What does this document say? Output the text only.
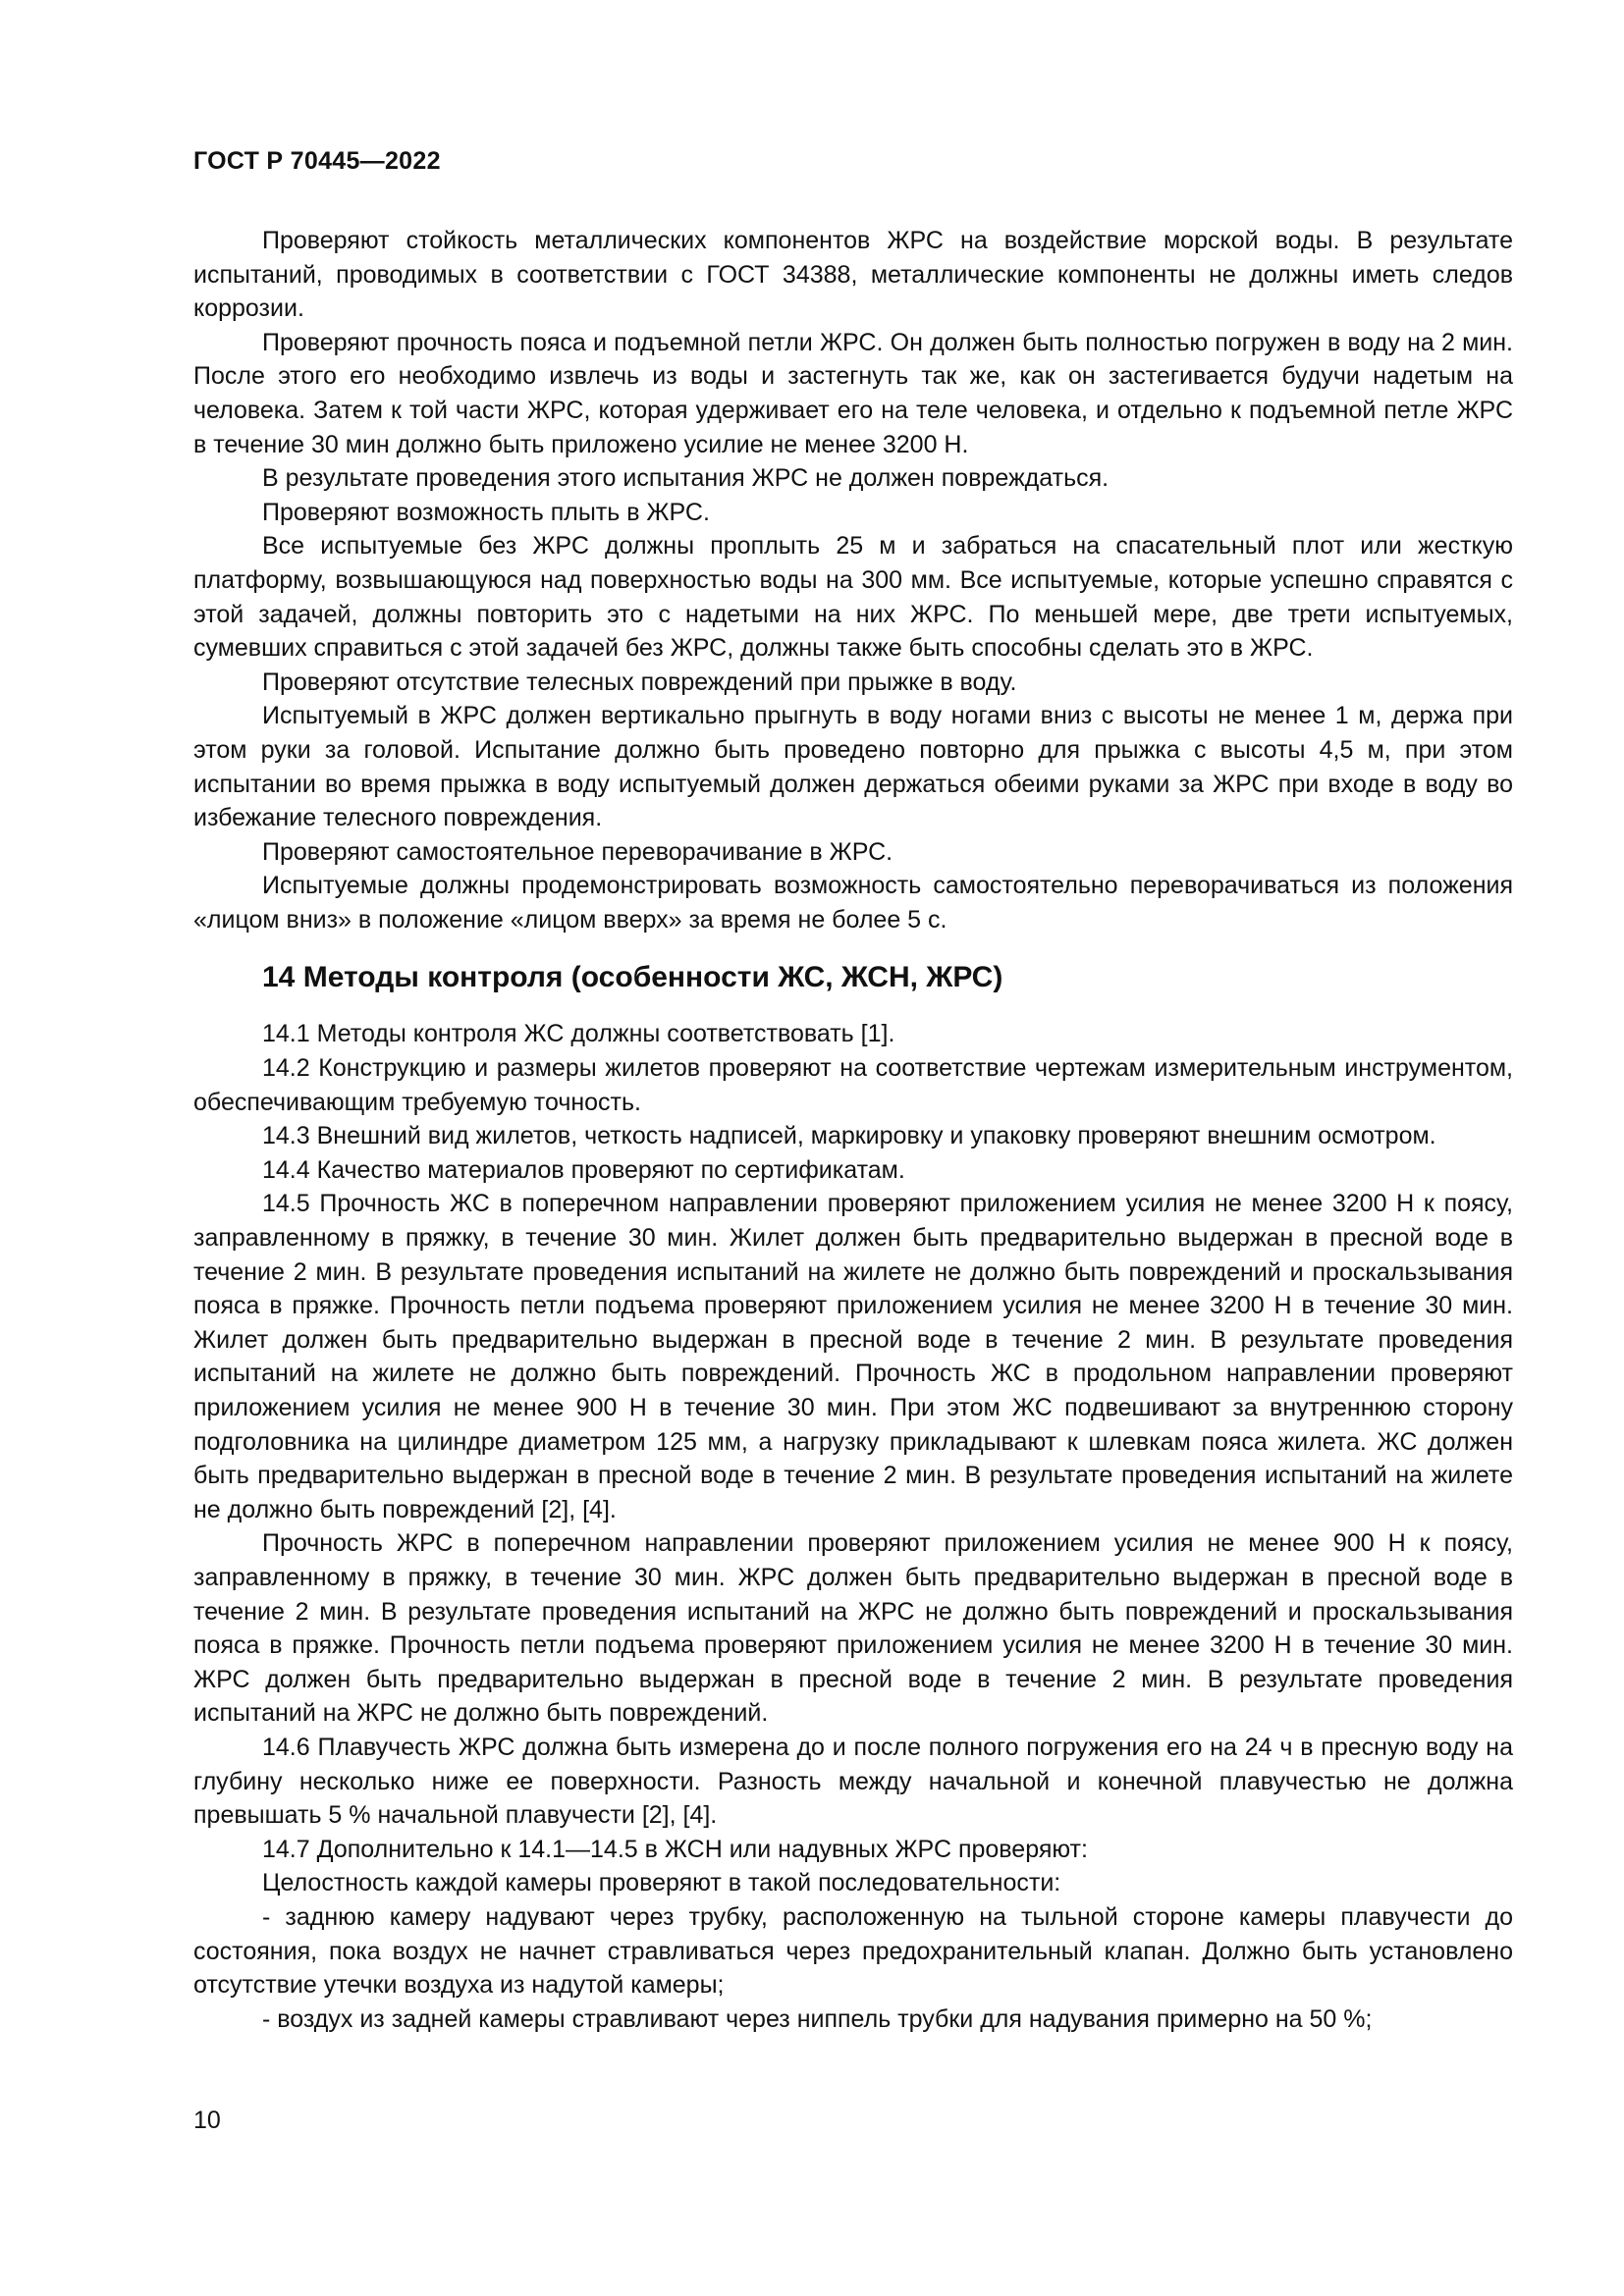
ГОСТ Р 70445—2022

Проверяют стойкость металлических компонентов ЖРС на воздействие морской воды. В результате испытаний, проводимых в соответствии с ГОСТ 34388, металлические компоненты не должны иметь следов коррозии.

Проверяют прочность пояса и подъемной петли ЖРС. Он должен быть полностью погружен в воду на 2 мин. После этого его необходимо извлечь из воды и застегнуть так же, как он застегивается будучи надетым на человека. Затем к той части ЖРС, которая удерживает его на теле человека, и отдельно к подъемной петле ЖРС в течение 30 мин должно быть приложено усилие не менее 3200 Н.

В результате проведения этого испытания ЖРС не должен повреждаться.

Проверяют возможность плыть в ЖРС.

Все испытуемые без ЖРС должны проплыть 25 м и забраться на спасательный плот или жесткую платформу, возвышающуюся над поверхностью воды на 300 мм. Все испытуемые, которые успешно справятся с этой задачей, должны повторить это с надетыми на них ЖРС. По меньшей мере, две трети испытуемых, сумевших справиться с этой задачей без ЖРС, должны также быть способны сделать это в ЖРС.

Проверяют отсутствие телесных повреждений при прыжке в воду.

Испытуемый в ЖРС должен вертикально прыгнуть в воду ногами вниз с высоты не менее 1 м, держа при этом руки за головой. Испытание должно быть проведено повторно для прыжка с высоты 4,5 м, при этом испытании во время прыжка в воду испытуемый должен держаться обеими руками за ЖРС при входе в воду во избежание телесного повреждения.

Проверяют самостоятельное переворачивание в ЖРС.

Испытуемые должны продемонстрировать возможность самостоятельно переворачиваться из положения «лицом вниз» в положение «лицом вверх» за время не более 5 с.

14 Методы контроля (особенности ЖС, ЖСН, ЖРС)

14.1 Методы контроля ЖС должны соответствовать [1].

14.2 Конструкцию и размеры жилетов проверяют на соответствие чертежам измерительным инструментом, обеспечивающим требуемую точность.

14.3 Внешний вид жилетов, четкость надписей, маркировку и упаковку проверяют внешним осмотром.

14.4 Качество материалов проверяют по сертификатам.

14.5 Прочность ЖС в поперечном направлении проверяют приложением усилия не менее 3200 Н к поясу, заправленному в пряжку, в течение 30 мин. Жилет должен быть предварительно выдержан в пресной воде в течение 2 мин. В результате проведения испытаний на жилете не должно быть повреждений и проскальзывания пояса в пряжке. Прочность петли подъема проверяют приложением усилия не менее 3200 Н в течение 30 мин. Жилет должен быть предварительно выдержан в пресной воде в течение 2 мин. В результате проведения испытаний на жилете не должно быть повреждений. Прочность ЖС в продольном направлении проверяют приложением усилия не менее 900 Н в течение 30 мин. При этом ЖС подвешивают за внутреннюю сторону подголовника на цилиндре диаметром 125 мм, а нагрузку прикладывают к шлевкам пояса жилета. ЖС должен быть предварительно выдержан в пресной воде в течение 2 мин. В результате проведения испытаний на жилете не должно быть повреждений [2], [4].

Прочность ЖРС в поперечном направлении проверяют приложением усилия не менее 900 Н к поясу, заправленному в пряжку, в течение 30 мин. ЖРС должен быть предварительно выдержан в пресной воде в течение 2 мин. В результате проведения испытаний на ЖРС не должно быть повреждений и проскальзывания пояса в пряжке. Прочность петли подъема проверяют приложением усилия не менее 3200 Н в течение 30 мин. ЖРС должен быть предварительно выдержан в пресной воде в течение 2 мин. В результате проведения испытаний на ЖРС не должно быть повреждений.

14.6 Плавучесть ЖРС должна быть измерена до и после полного погружения его на 24 ч в пресную воду на глубину несколько ниже ее поверхности. Разность между начальной и конечной плавучестью не должна превышать 5 % начальной плавучести [2], [4].

14.7 Дополнительно к 14.1—14.5 в ЖСН или надувных ЖРС проверяют:

Целостность каждой камеры проверяют в такой последовательности:

- заднюю камеру надувают через трубку, расположенную на тыльной стороне камеры плавучести до состояния, пока воздух не начнет стравливаться через предохранительный клапан. Должно быть установлено отсутствие утечки воздуха из надутой камеры;

- воздух из задней камеры стравливают через ниппель трубки для надувания примерно на 50 %;

10
